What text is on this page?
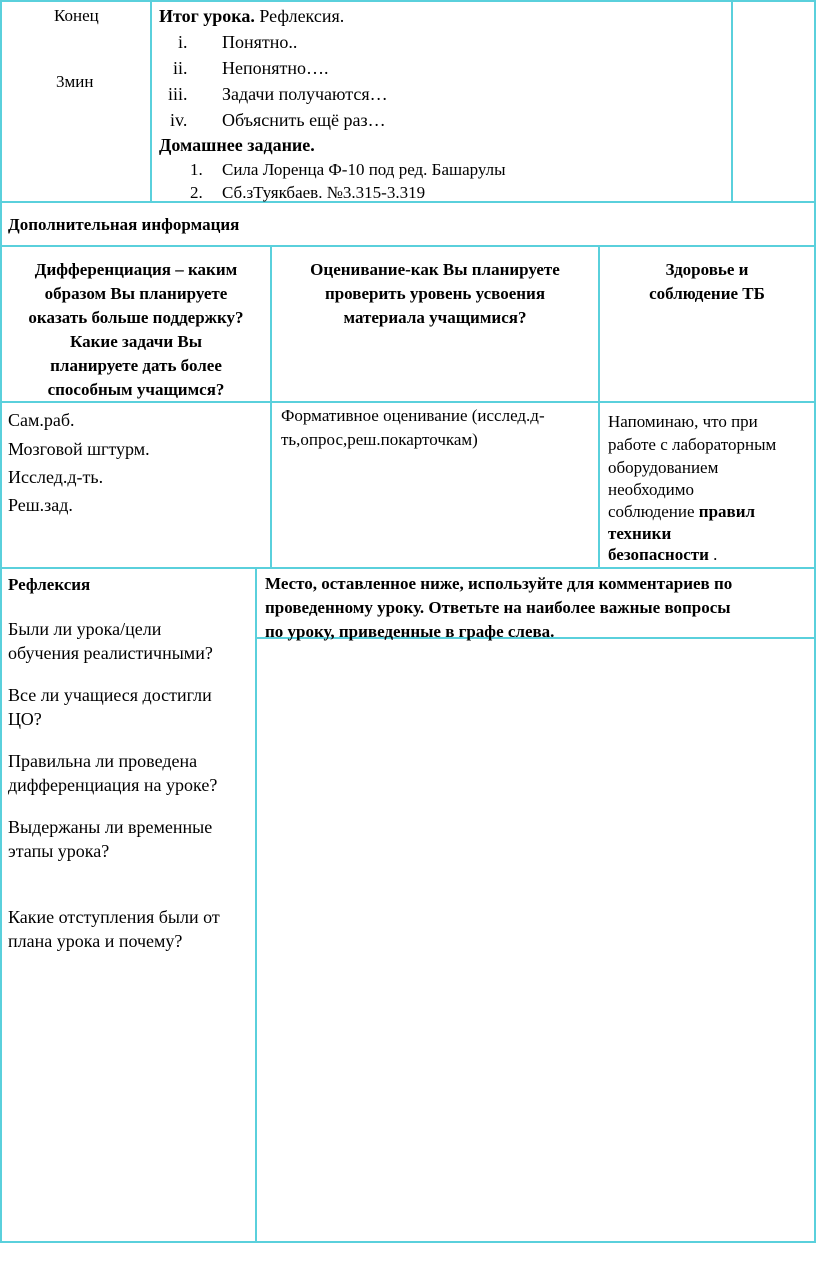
Конец
3мин
Итог урока. Рефлексия.
i. Понятно..
ii. Непонятно….
iii. Задачи получаются…
iv. Объяснить ещё раз…
Домашнее задание.
1. Сила Лоренца Ф-10 под ред. Башарулы
2. Сб.зТуякбаев. №3.315-3.319
Дополнительная информация
Дифференциация – каким
образом Вы планируете
оказать больше поддержку?
Какие задачи Вы
планируете дать более
способным учащимся?
Оценивание-как Вы планируете
проверить уровень усвоения
материала учащимися?
Здоровье и
соблюдение ТБ
Сам.раб.
Мозговой шгтурм.
Исслед.д-ть.
Реш.зад.
Формативное оценивание (исслед.д-
ть,опрос,реш.покарточкам)
Напоминаю, что при
работе с лабораторным
оборудованием
необходимо
соблюдение правил
техники
безопасности .
Рефлексия
Были ли урока/цели
обучения реалистичными?
Все ли учащиеся достигли
ЦО?
Правильна ли проведена
дифференциация на уроке?
Выдержаны ли временные
этапы урока?
Какие отступления были от
плана урока и почему?
Место, оставленное ниже, используйте для комментариев по
проведенному уроку. Ответьте на наиболее важные вопросы
по уроку, приведенные в графе слева.
